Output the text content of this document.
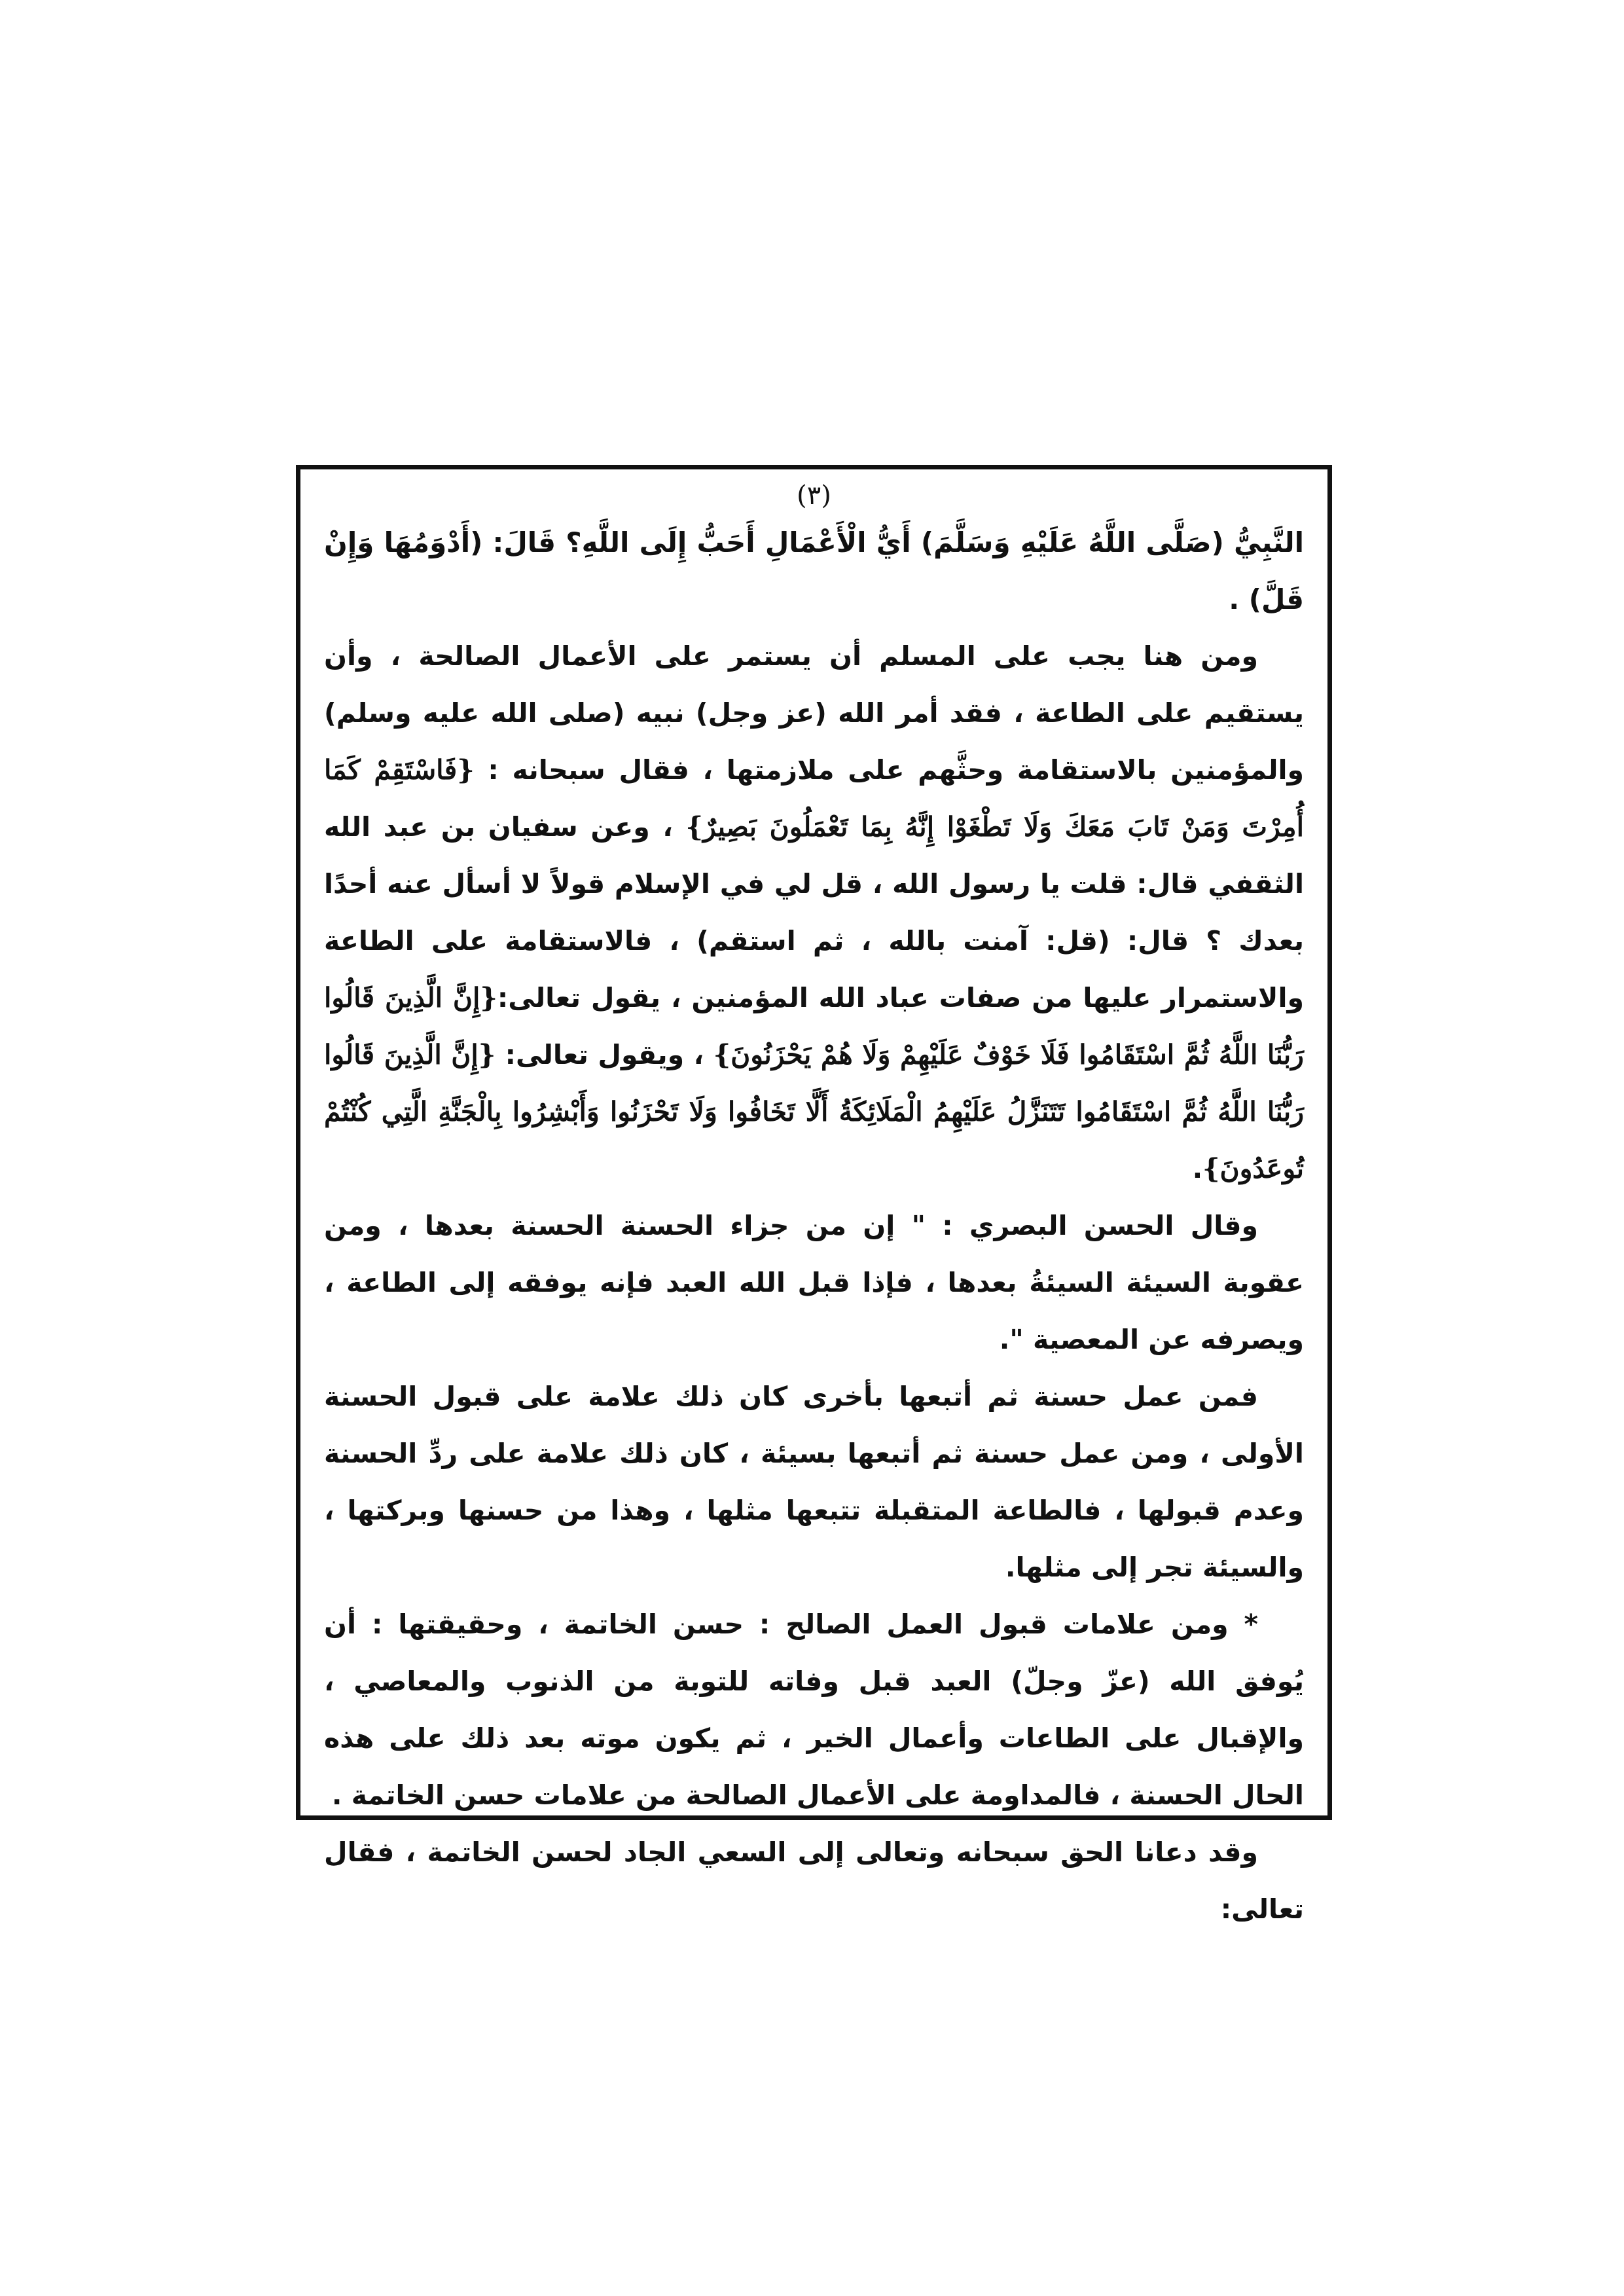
(٣)

النَّبِيُّ (صَلَّى اللَّهُ عَلَيْهِ وَسَلَّمَ) أَيُّ الْأَعْمَالِ أَحَبُّ إِلَى اللَّهِ؟ قَالَ: (أَدْوَمُهَا وَإِنْ قَلَّ) .

ومن هنا يجب على المسلم أن يستمر على الأعمال الصالحة ، وأن يستقيم على الطاعة ، فقد أمر الله (عز وجل) نبيه (صلى الله عليه وسلم) والمؤمنين بالاستقامة وحثَّهم على ملازمتها ، فقال سبحانه : {فَاسْتَقِمْ كَمَا أُمِرْتَ وَمَنْ تَابَ مَعَكَ وَلَا تَطْغَوْا إِنَّهُ بِمَا تَعْمَلُونَ بَصِيرٌ} ، وعن سفيان بن عبد الله الثقفي قال: قلت يا رسول الله ، قل لي في الإسلام قولاً لا أسأل عنه أحدًا بعدك ؟ قال: (قل: آمنت بالله ، ثم استقم) ، فالاستقامة على الطاعة والاستمرار عليها من صفات عباد الله المؤمنين ، يقول تعالى:{إِنَّ الَّذِينَ قَالُوا رَبُّنَا اللَّهُ ثُمَّ اسْتَقَامُوا فَلَا خَوْفٌ عَلَيْهِمْ وَلَا هُمْ يَحْزَنُونَ} ، ويقول تعالى: {إِنَّ الَّذِينَ قَالُوا رَبُّنَا اللَّهُ ثُمَّ اسْتَقَامُوا تَتَنَزَّلُ عَلَيْهِمُ الْمَلَائِكَةُ أَلَّا تَخَافُوا وَلَا تَحْزَنُوا وَأَبْشِرُوا بِالْجَنَّةِ الَّتِي كُنْتُمْ تُوعَدُونَ}.

وقال الحسن البصري : " إن من جزاء الحسنة الحسنة بعدها ، ومن عقوبة السيئة السيئةُ بعدها ، فإذا قبل الله العبد فإنه يوفقه إلى الطاعة ، ويصرفه عن المعصية ".

فمن عمل حسنة ثم أتبعها بأخرى كان ذلك علامة على قبول الحسنة الأولى ، ومن عمل حسنة ثم أتبعها بسيئة ، كان ذلك علامة على ردِّ الحسنة وعدم قبولها ، فالطاعة المتقبلة تتبعها مثلها ، وهذا من حسنها وبركتها ، والسيئة تجر إلى مثلها.

* ومن علامات قبول العمل الصالح : حسن الخاتمة ، وحقيقتها : أن يُوفق الله (عزّ وجلّ) العبد قبل وفاته للتوبة من الذنوب والمعاصي ، والإقبال على الطاعات وأعمال الخير ، ثم يكون موته بعد ذلك على هذه الحال الحسنة ، فالمداومة على الأعمال الصالحة من علامات حسن الخاتمة .

وقد دعانا الحق سبحانه وتعالى إلى السعي الجاد لحسن الخاتمة ، فقال تعالى:
